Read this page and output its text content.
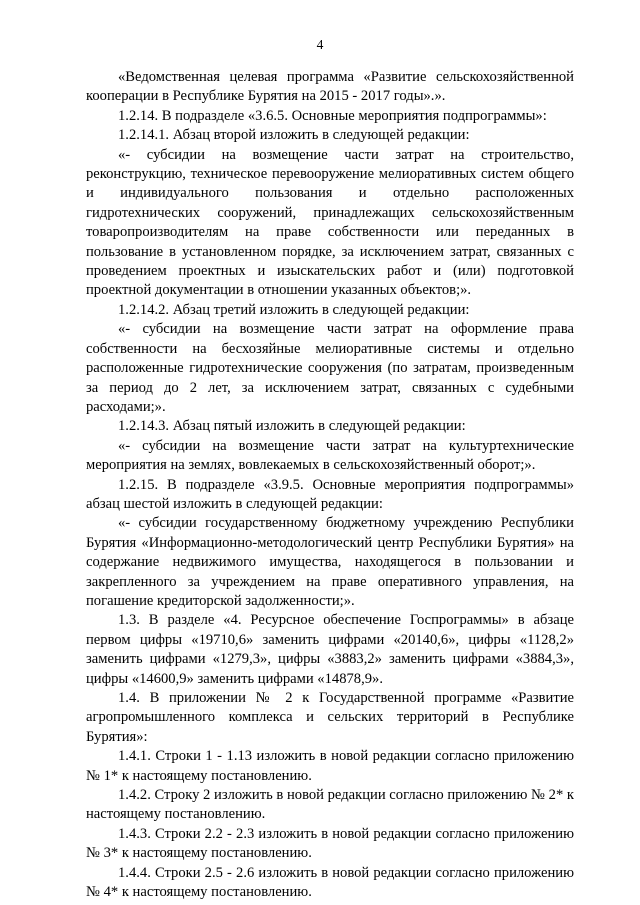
4

«Ведомственная целевая программа «Развитие сельскохозяйственной кооперации в Республике Бурятия на 2015 - 2017 годы».».

1.2.14. В подразделе «3.6.5. Основные мероприятия подпрограммы»:

1.2.14.1. Абзац второй изложить в следующей редакции:

«- субсидии на возмещение части затрат на строительство, реконструкцию, техническое перевооружение мелиоративных систем общего и индивидуального пользования и отдельно расположенных гидротехнических сооружений, принадлежащих сельскохозяйственным товаропроизводителям на праве собственности или переданных в пользование в установленном порядке, за исключением затрат, связанных с проведением проектных и изыскательских работ и (или) подготовкой проектной документации в отношении указанных объектов;».

1.2.14.2. Абзац третий изложить в следующей редакции:

«- субсидии на возмещение части затрат на оформление права собственности на бесхозяйные мелиоративные системы и отдельно расположенные гидротехнические сооружения (по затратам, произведенным за период до 2 лет, за исключением затрат, связанных с судебными расходами;».

1.2.14.3. Абзац пятый изложить в следующей редакции:

«- субсидии на возмещение части затрат на культуртехнические мероприятия на землях, вовлекаемых в сельскохозяйственный оборот;».

1.2.15. В подразделе «3.9.5. Основные мероприятия подпрограммы» абзац шестой изложить в следующей редакции:

«- субсидии государственному бюджетному учреждению Республики Бурятия «Информационно-методологический центр Республики Бурятия» на содержание недвижимого имущества, находящегося в пользовании и закрепленного за учреждением на праве оперативного управления, на погашение кредиторской задолженности;».

1.3. В разделе «4. Ресурсное обеспечение Госпрограммы» в абзаце первом цифры «19710,6» заменить цифрами «20140,6», цифры «1128,2» заменить цифрами «1279,3», цифры «3883,2» заменить цифрами «3884,3», цифры «14600,9» заменить цифрами «14878,9».

1.4. В приложении № 2 к Государственной программе «Развитие агропромышленного комплекса и сельских территорий в Республике Бурятия»:

1.4.1. Строки 1 - 1.13 изложить в новой редакции согласно приложению № 1* к настоящему постановлению.

1.4.2. Строку 2 изложить в новой редакции согласно приложению № 2* к настоящему постановлению.

1.4.3. Строки 2.2 - 2.3 изложить в новой редакции согласно приложению № 3* к настоящему постановлению.

1.4.4. Строки 2.5 - 2.6 изложить в новой редакции согласно приложению № 4* к настоящему постановлению.
